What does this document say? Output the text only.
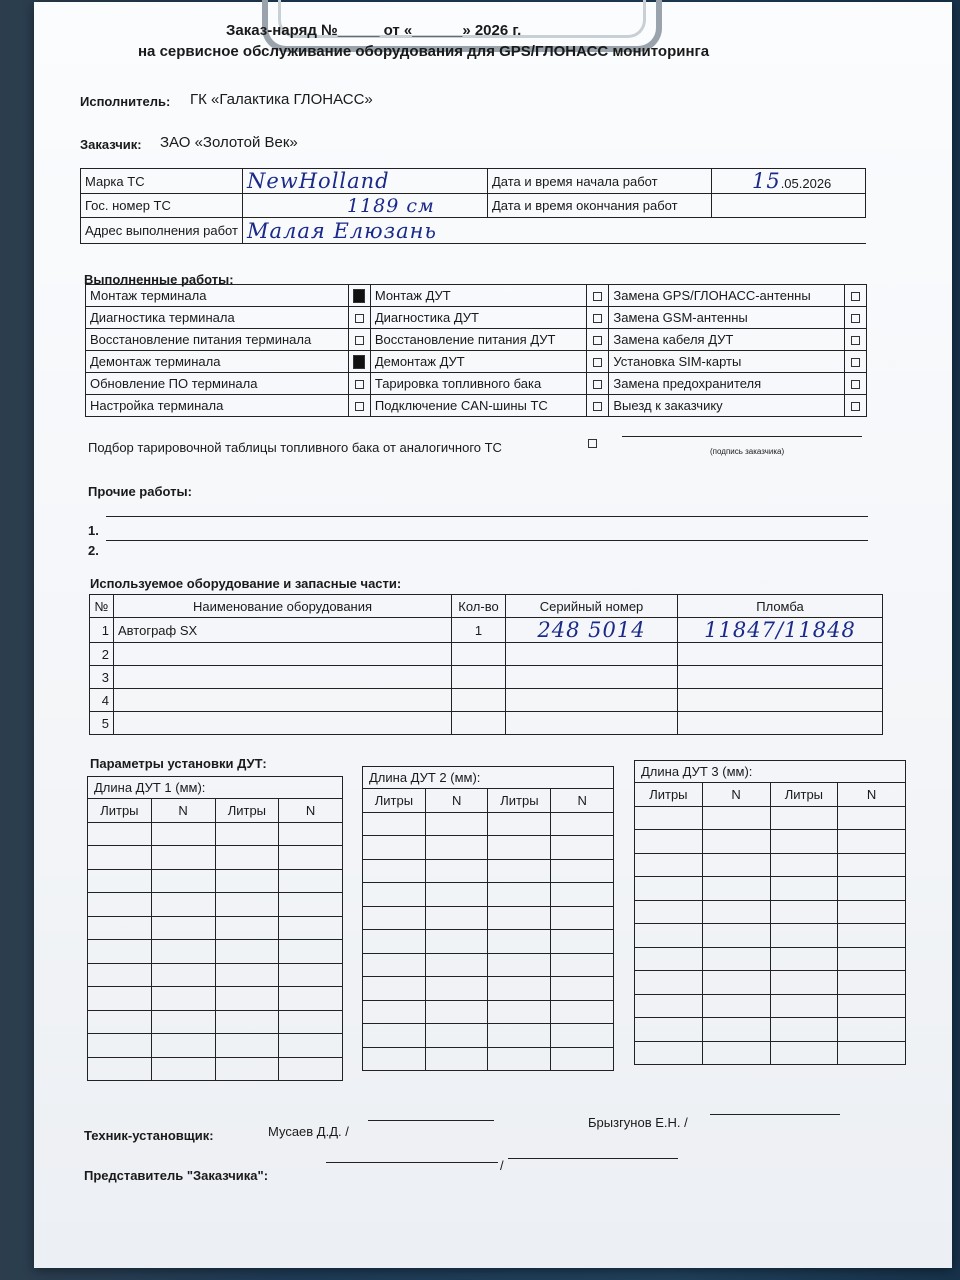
Заказ-наряд №_____ от «______» 2026 г.
на сервисное обслуживание оборудования для GPS/ГЛОНАСС мониторинга
Исполнитель: ГК «Галактика ГЛОНАСС»
Заказчик: ЗАО «Золотой Век»
Марка ТС	NewHolland	Дата и время начала работ	15.05.2026
Гос. номер ТС	1189 см	Дата и время окончания работ	
Адрес выполнения работ	Малая Елюзань		
Выполненные работы:
Монтаж терминала		Монтаж ДУТ		Замена GPS/ГЛОНАСС-антенны	
Диагностика терминала		Диагностика ДУТ		Замена GSM-антенны	
Восстановление питания терминала		Восстановление питания ДУТ		Замена кабеля ДУТ	
Демонтаж терминала		Демонтаж ДУТ		Установка SIM-карты	
Обновление ПО терминала		Тарировка топливного бака		Замена предохранителя	
Настройка терминала		Подключение CAN-шины ТС		Выезд к заказчику	
Подбор тарировочной таблицы топливного бака от аналогичного ТС	(подпись заказчика)
Прочие работы:
1.
2.
Используемое оборудование и запасные части:
№	Наименование оборудования	Кол-во	Серийный номер	Пломба
1	Автограф SX	1	248 5014	11847/11848
2				
3				
4				
5				
Параметры установки ДУТ:
Длина ДУТ 1 (мм):			
Литры	N	Литры	N

Длина ДУТ 2 (мм):			
Литры	N	Литры	N

Длина ДУТ 3 (мм):			
Литры	N	Литры	N

Техник-установщик:	Мусаев Д.Д. /
Брызгунов Е.Н. /
Представитель "Заказчика":
/
